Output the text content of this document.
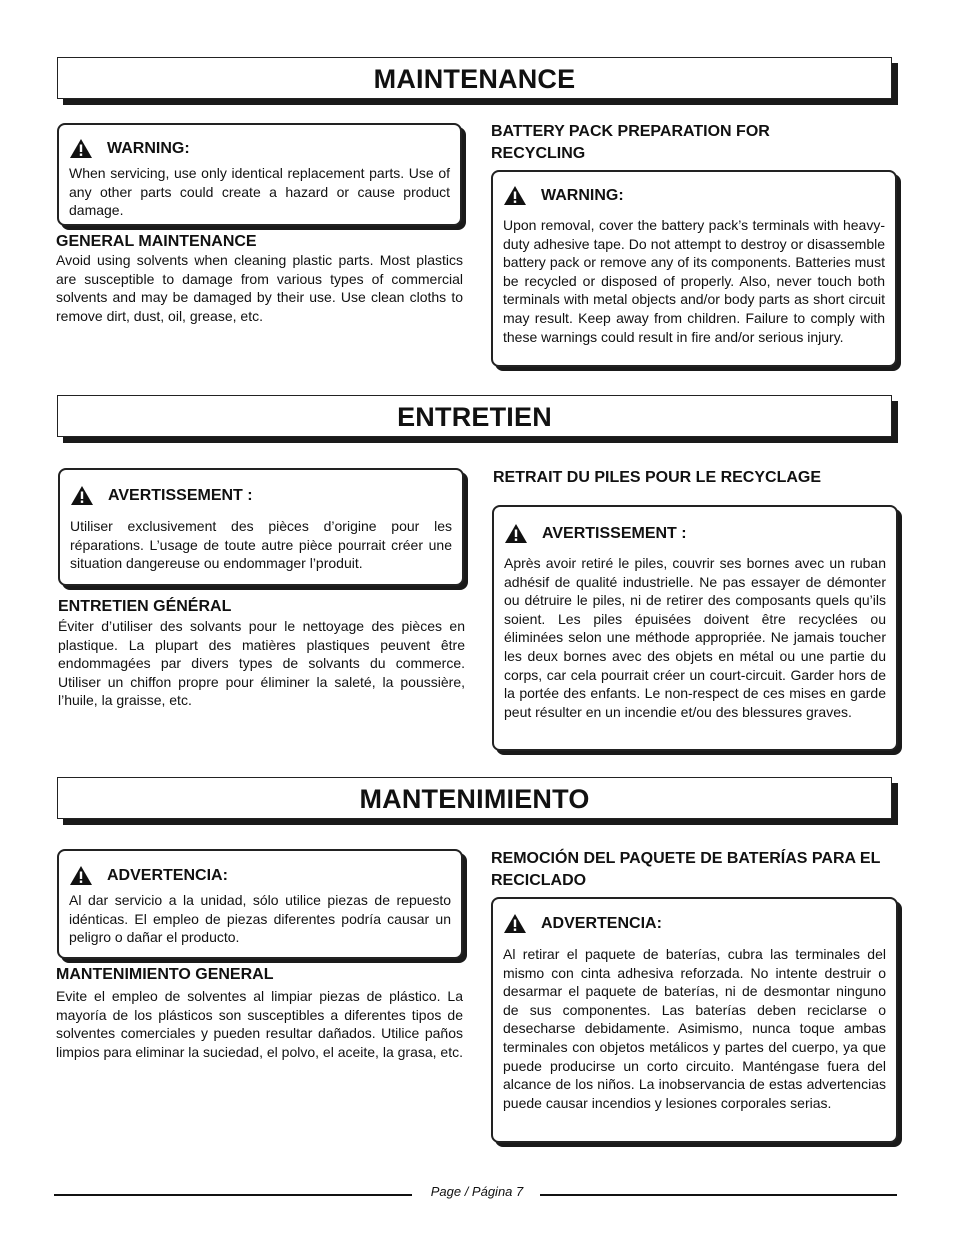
MAINTENANCE
WARNING:
When servicing, use only identical replacement parts. Use of any other parts could create a hazard or cause product damage.
GENERAL MAINTENANCE
Avoid using solvents when cleaning plastic parts. Most plastics are susceptible to damage from various types of commercial solvents and may be damaged by their use. Use clean cloths to remove dirt, dust, oil, grease, etc.
BATTERY PACK PREPARATION FOR RECYCLING
WARNING:
Upon removal, cover the battery pack’s terminals with heavy-duty adhesive tape. Do not attempt to destroy or disassemble battery pack or remove any of its components. Batteries must be recycled or disposed of properly. Also, never touch both terminals with metal objects and/or body parts as short circuit may result. Keep away from children. Failure to comply with these warnings could result in fire and/or serious injury.
ENTRETIEN
AVERTISSEMENT :
Utiliser exclusivement des pièces d’origine pour les réparations. L’usage de toute autre pièce pourrait créer une situation dangereuse ou endommager l’produit.
ENTRETIEN GÉNÉRAL
Éviter d’utiliser des solvants pour le nettoyage des pièces en plastique. La plupart des matières plastiques peuvent être endommagées par divers types de solvants du commerce. Utiliser un chiffon propre pour éliminer la saleté, la poussière, l’huile, la graisse, etc.
RETRAIT DU PILES POUR LE RECYCLAGE
AVERTISSEMENT :
Après avoir retiré le piles, couvrir ses bornes avec un ruban adhésif de qualité industrielle. Ne pas essayer de démonter ou détruire le piles, ni de retirer des composants quels qu’ils soient. Les piles épuisées doivent être recyclées ou éliminées selon une méthode appropriée. Ne jamais toucher les deux bornes avec des objets en métal ou une partie du corps, car cela pourrait créer un court-circuit. Garder hors de la portée des enfants. Le non-respect de ces mises en garde peut résulter en un incendie et/ou des blessures graves.
MANTENIMIENTO
ADVERTENCIA:
Al dar servicio a la unidad, sólo utilice piezas de repuesto idénticas. El empleo de piezas diferentes podría causar un peligro o dañar el producto.
MANTENIMIENTO GENERAL
Evite el empleo de solventes al limpiar piezas de plástico. La mayoría de los plásticos son susceptibles a diferentes tipos de solventes comerciales y pueden resultar dañados. Utilice paños limpios para eliminar la suciedad, el polvo, el aceite, la grasa, etc.
REMOCIÓN DEL PAQUETE DE BATERÍAS PARA EL RECICLADO
ADVERTENCIA:
Al retirar el paquete de baterías, cubra las terminales del mismo con cinta adhesiva reforzada. No intente destruir o desarmar el paquete de baterías, ni de desmontar ninguno de sus componentes. Las baterías deben reciclarse o desecharse debidamente. Asimismo, nunca toque ambas terminales con objetos metálicos y partes del cuerpo, ya que puede producirse un corto circuito. Manténgase fuera del alcance de los niños. La inobservancia de estas advertencias puede causar incendios y lesiones corporales serias.
Page / Página 7
